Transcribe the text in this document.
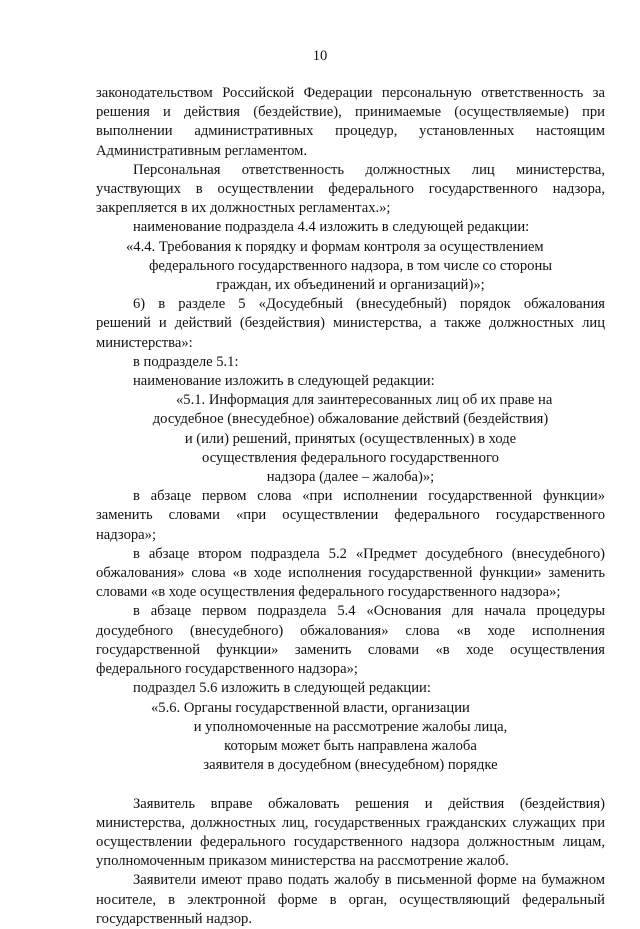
10

законодательством Российской Федерации персональную ответственность за

решения и действия (бездействие), принимаемые (осуществляемые) при

выполнении административных процедур, установленных настоящим

Административным регламентом.

Персональная ответственность должностных лиц министерства,

участвующих в осуществлении федерального государственного надзора,

закрепляется в их должностных регламентах.»;

наименование подраздела 4.4 изложить в следующей редакции:

«4.4. Требования к порядку и формам контроля за осуществлением

федерального государственного надзора, в том числе со стороны

граждан, их объединений и организаций)»;

6) в разделе 5 «Досудебный (внесудебный) порядок обжалования

решений и действий (бездействия) министерства, а также должностных лиц

министерства»:

в подразделе 5.1:

наименование изложить в следующей редакции:

«5.1. Информация для заинтересованных лиц об их праве на

досудебное (внесудебное) обжалование действий (бездействия)

и (или) решений, принятых (осуществленных) в ходе

осуществления федерального государственного

надзора (далее – жалоба)»;

в абзаце первом слова «при исполнении государственной функции»

заменить словами «при осуществлении федерального государственного

надзора»;

в абзаце втором подраздела 5.2 «Предмет досудебного (внесудебного)

обжалования» слова «в ходе исполнения государственной функции» заменить

словами «в ходе осуществления федерального государственного надзора»;

в абзаце первом подраздела 5.4 «Основания для начала процедуры

досудебного (внесудебного) обжалования» слова «в ходе исполнения

государственной функции» заменить словами «в ходе осуществления

федерального государственного надзора»;

подраздел 5.6 изложить в следующей редакции:

«5.6. Органы государственной власти, организации

и уполномоченные на рассмотрение жалобы лица,

которым может быть направлена жалоба

заявителя в досудебном (внесудебном) порядке

Заявитель вправе обжаловать решения и действия (бездействия)

министерства, должностных лиц, государственных гражданских служащих при

осуществлении федерального государственного надзора должностным лицам,

уполномоченным приказом министерства на рассмотрение жалоб.

Заявители имеют право подать жалобу в письменной форме на бумажном

носителе, в электронной форме в орган, осуществляющий федеральный

государственный надзор.
